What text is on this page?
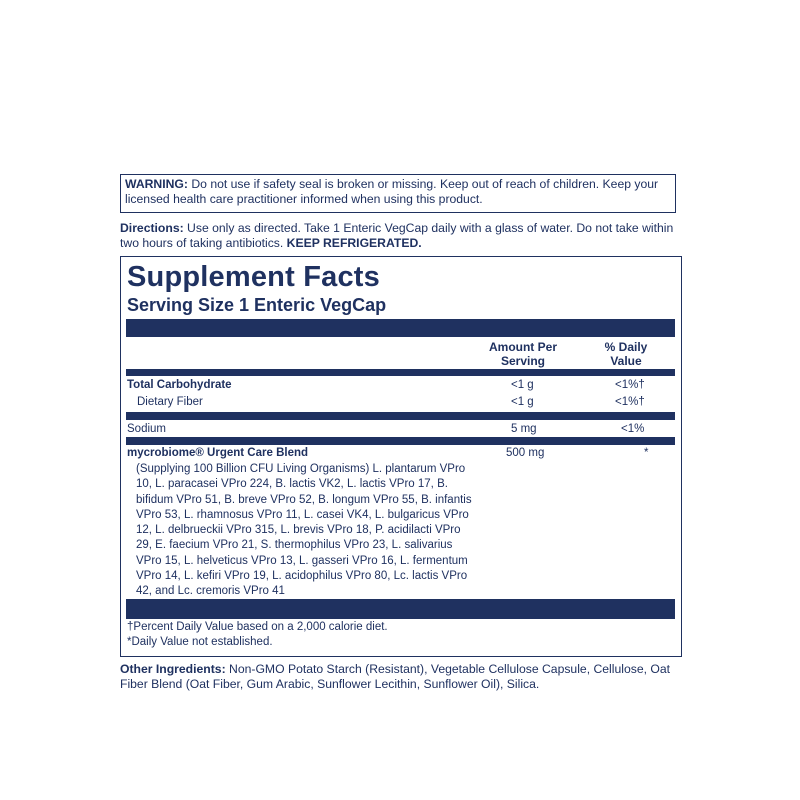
WARNING: Do not use if safety seal is broken or missing. Keep out of reach of children. Keep your licensed health care practitioner informed when using this product.
Directions: Use only as directed. Take 1 Enteric VegCap daily with a glass of water. Do not take within two hours of taking antibiotics. KEEP REFRIGERATED.
Supplement Facts
Serving Size 1 Enteric VegCap
Amount Per Serving
% Daily Value
Total Carbohydrate	<1 g	<1%†
Dietary Fiber	<1 g	<1%†
Sodium	5 mg	<1%
mycrobiome® Urgent Care Blend	500 mg	*
(Supplying 100 Billion CFU Living Organisms) L. plantarum VPro 10, L. paracasei VPro 224, B. lactis VK2, L. lactis VPro 17, B. bifidum VPro 51, B. breve VPro 52, B. longum VPro 55, B. infantis VPro 53, L. rhamnosus VPro 11, L. casei VK4, L. bulgaricus VPro 12, L. delbrueckii VPro 315, L. brevis VPro 18, P. acidilacti VPro 29, E. faecium VPro 21, S. thermophilus VPro 23, L. salivarius VPro 15, L. helveticus VPro 13, L. gasseri VPro 16, L. fermentum VPro 14, L. kefiri VPro 19, L. acidophilus VPro 80, Lc. lactis VPro 42, and Lc. cremoris VPro 41
†Percent Daily Value based on a 2,000 calorie diet.
*Daily Value not established.
Other Ingredients: Non-GMO Potato Starch (Resistant), Vegetable Cellulose Capsule, Cellulose, Oat Fiber Blend (Oat Fiber, Gum Arabic, Sunflower Lecithin, Sunflower Oil), Silica.
